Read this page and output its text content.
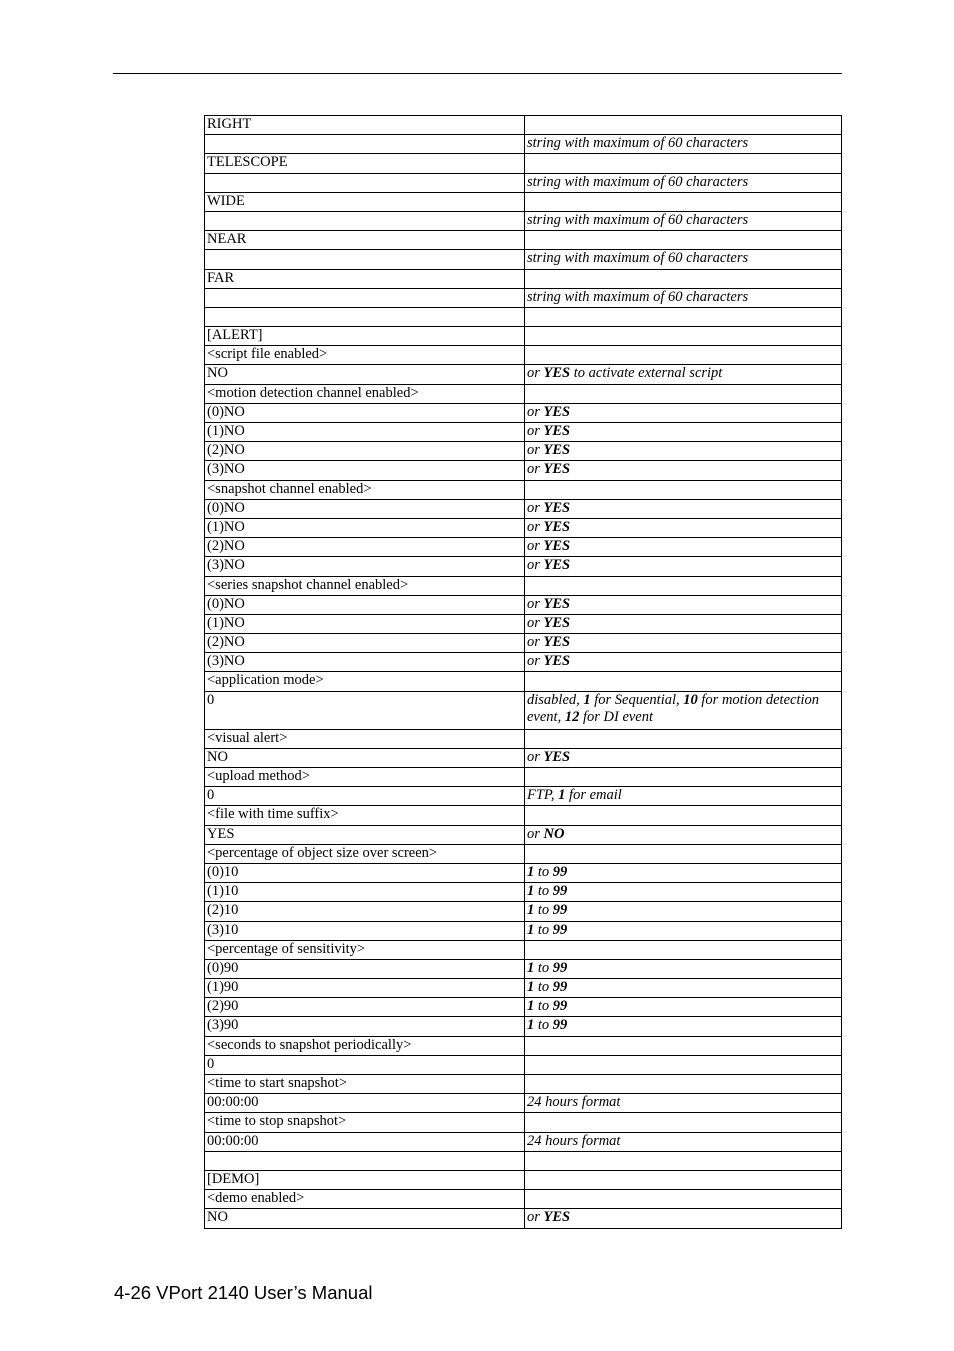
RIGHT	
	string with maximum of 60 characters
TELESCOPE	
	string with maximum of 60 characters
WIDE	
	string with maximum of 60 characters
NEAR	
	string with maximum of 60 characters
FAR	
	string with maximum of 60 characters

[ALERT]	
<script file enabled>	
NO	or YES to activate external script
<motion detection channel enabled>	
(0)NO	or YES
(1)NO	or YES
(2)NO	or YES
(3)NO	or YES
<snapshot channel enabled>	
(0)NO	or YES
(1)NO	or YES
(2)NO	or YES
(3)NO	or YES
<series snapshot channel enabled>	
(0)NO	or YES
(1)NO	or YES
(2)NO	or YES
(3)NO	or YES
<application mode>	
0	disabled, 1 for Sequential, 10 for motion detection event, 12 for DI event
<visual alert>	
NO	or YES
<upload method>	
0	FTP, 1 for email
<file with time suffix>	
YES	or NO
<percentage of object size over screen>	
(0)10	1 to 99
(1)10	1 to 99
(2)10	1 to 99
(3)10	1 to 99
<percentage of sensitivity>	
(0)90	1 to 99
(1)90	1 to 99
(2)90	1 to 99
(3)90	1 to 99
<seconds to snapshot periodically>	
0	
<time to start snapshot>	
00:00:00	24 hours format
<time to stop snapshot>	
00:00:00	24 hours format

[DEMO]	
<demo enabled>	
NO	or YES
4-26 VPort 2140 User’s Manual
